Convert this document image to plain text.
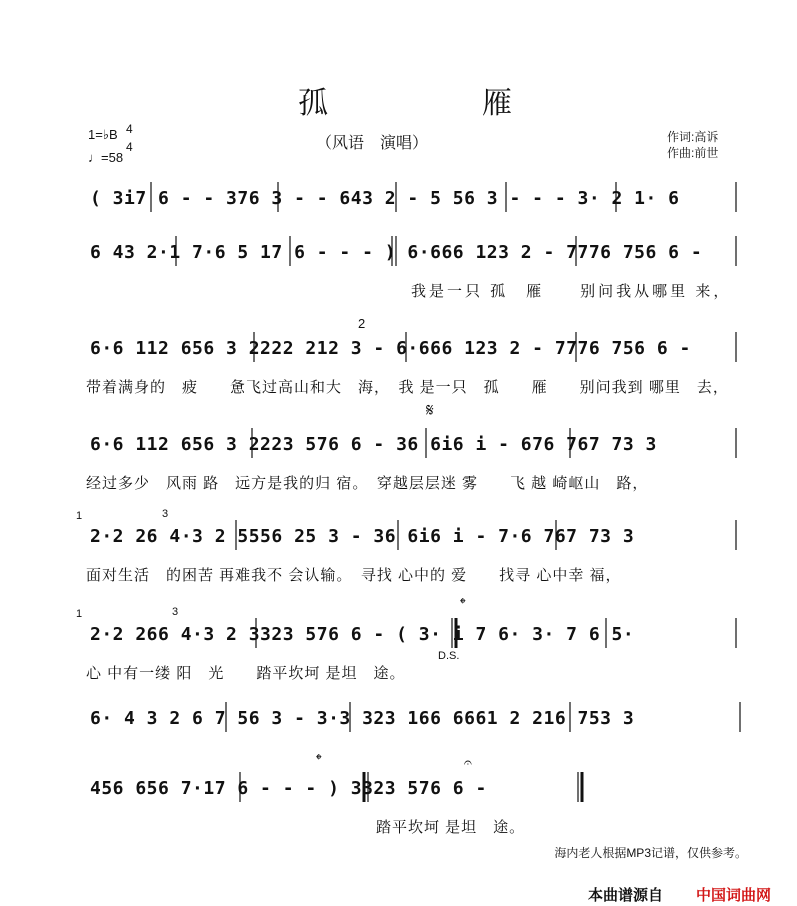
孤　雁
（风语　演唱）	作词:高诉
作曲:前世
1=♭B 4
4
♩=58
( 3i7 6 - - 376 3 - - 643 2 - 5 56 3 - - - 3· 2 1· 6
6 43 2·1 7·6 5 17 6 - - - ) 6·666 123 2 - 7776 756 6 -
我是一只 孤　雁　　别问我从哪里 来，
6·6 112 656 3 2222 212 3 - 6·666 123 2 - 7776 756 6 -
2
带着满身的　疲　　惫飞过高山和大　海，　我 是一只　孤　　雁　　别问我到 哪里　去，
𝄋
6·6 112 656 3 2223 576 6 - 36 6i6 i - 676 767 73 3
经过多少　风雨 路　远方是我的归 宿。　穿越层层迷 雾　　飞 越 崎岖山　路，
1	3
2·2 26 4·3 2 5556 25 3 - 36 6i6 i - 7·6 767 73 3
面对生活　的困苦 再难我不 会认输。　寻找 心中的 爱　　找寻 心中幸 福，
1	3	𝄌
2·2 266 4·3 2 3323 576 6 - ( 3· i 7 6· 3· 7 6 5·
D.S.
心 中有一缕 阳　光　　踏平坎坷 是坦　途。
6· 4 3 2 6 7 56 3 - 3·3 323 166 6661 2 216 753 3
𝄌	𝄐
456 656 7·17 6 - - - ) 3323 576 6 -
踏平坎坷 是坦　途。
海内老人根据MP3记谱，仅供参考。
本曲谱源自 中国词曲网
